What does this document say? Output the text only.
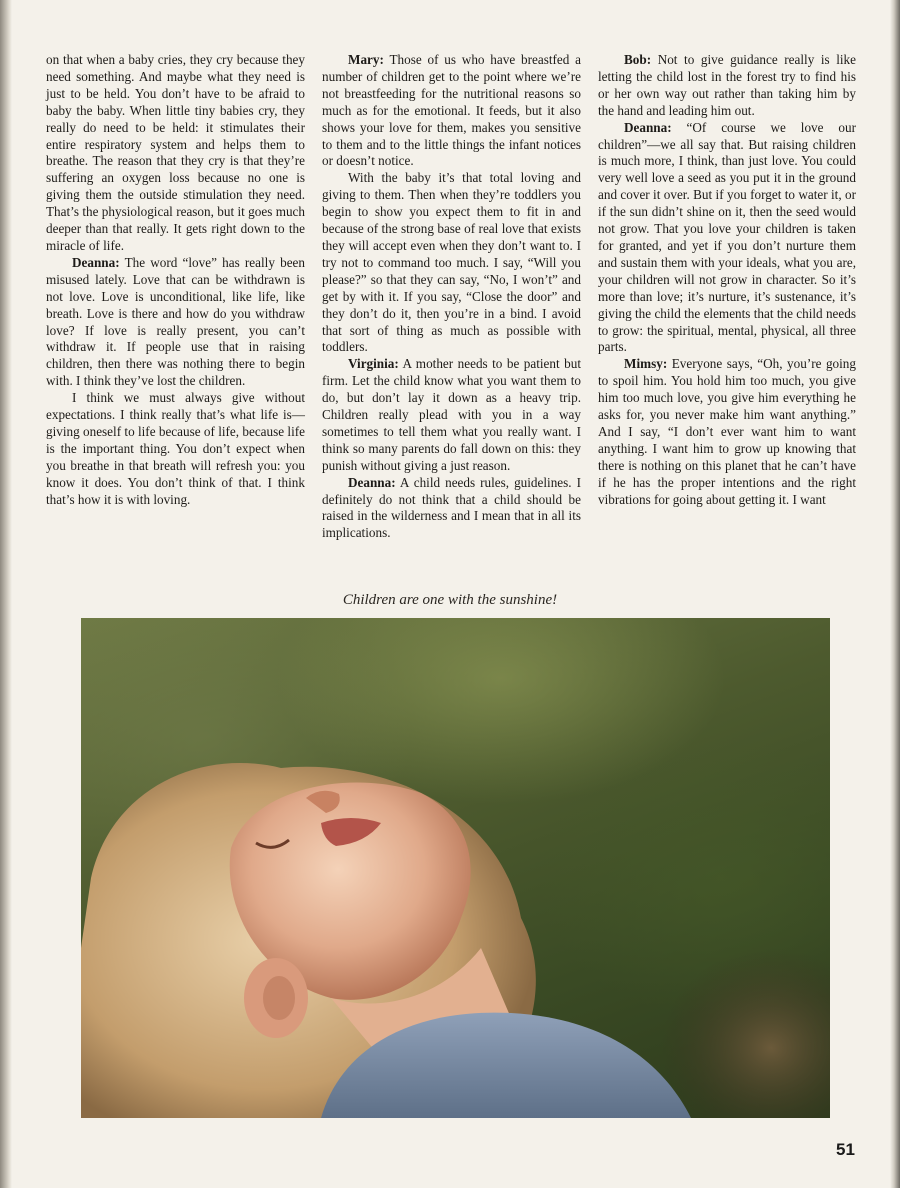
on that when a baby cries, they cry because they need something. And maybe what they need is just to be held. You don’t have to be afraid to baby the baby. When little tiny babies cry, they really do need to be held: it stimulates their entire respiratory system and helps them to breathe. The reason that they cry is that they’re suffering an oxygen loss because no one is giving them the outside stimulation they need. That’s the physiological reason, but it goes much deeper than that really. It gets right down to the miracle of life.

Deanna: The word “love” has really been misused lately. Love that can be withdrawn is not love. Love is unconditional, like life, like breath. Love is there and how do you withdraw love? If love is really present, you can’t withdraw it. If people use that in raising children, then there was nothing there to begin with. I think they’ve lost the children.

I think we must always give without expectations. I think really that’s what life is—giving oneself to life because of life, because life is the important thing. You don’t expect when you breathe in that breath will refresh you: you know it does. You don’t think of that. I think that’s how it is with loving.

Mary: Those of us who have breastfed a number of children get to the point where we’re not breastfeeding for the nutritional reasons so much as for the emotional. It feeds, but it also shows your love for them, makes you sensitive to them and to the little things the infant notices or doesn’t notice.

With the baby it’s that total loving and giving to them. Then when they’re toddlers you begin to show you expect them to fit in and because of the strong base of real love that exists they will accept even when they don’t want to. I try not to command too much. I say, “Will you please?” so that they can say, “No, I won’t” and get by with it. If you say, “Close the door” and they don’t do it, then you’re in a bind. I avoid that sort of thing as much as possible with toddlers.

Virginia: A mother needs to be patient but firm. Let the child know what you want them to do, but don’t lay it down as a heavy trip. Children really plead with you in a way sometimes to tell them what you really want. I think so many parents do fall down on this: they punish without giving a just reason.

Deanna: A child needs rules, guidelines. I definitely do not think that a child should be raised in the wilderness and I mean that in all its implications.

Bob: Not to give guidance really is like letting the child lost in the forest try to find his or her own way out rather than taking him by the hand and leading him out.

Deanna: “Of course we love our children”—we all say that. But raising children is much more, I think, than just love. You could very well love a seed as you put it in the ground and cover it over. But if you forget to water it, or if the sun didn’t shine on it, then the seed would not grow. That you love your children is taken for granted, and yet if you don’t nurture them and sustain them with your ideals, what you are, your children will not grow in character. So it’s more than love; it’s nurture, it’s sustenance, it’s giving the child the elements that the child needs to grow: the spiritual, mental, physical, all three parts.

Mimsy: Everyone says, “Oh, you’re going to spoil him. You hold him too much, you give him too much love, you give him everything he asks for, you never make him want anything.” And I say, “I don’t ever want him to want anything. I want him to grow up knowing that there is nothing on this planet that he can’t have if he has the proper intentions and the right vibrations for going about getting it. I want

Children are one with the sunshine!
51
